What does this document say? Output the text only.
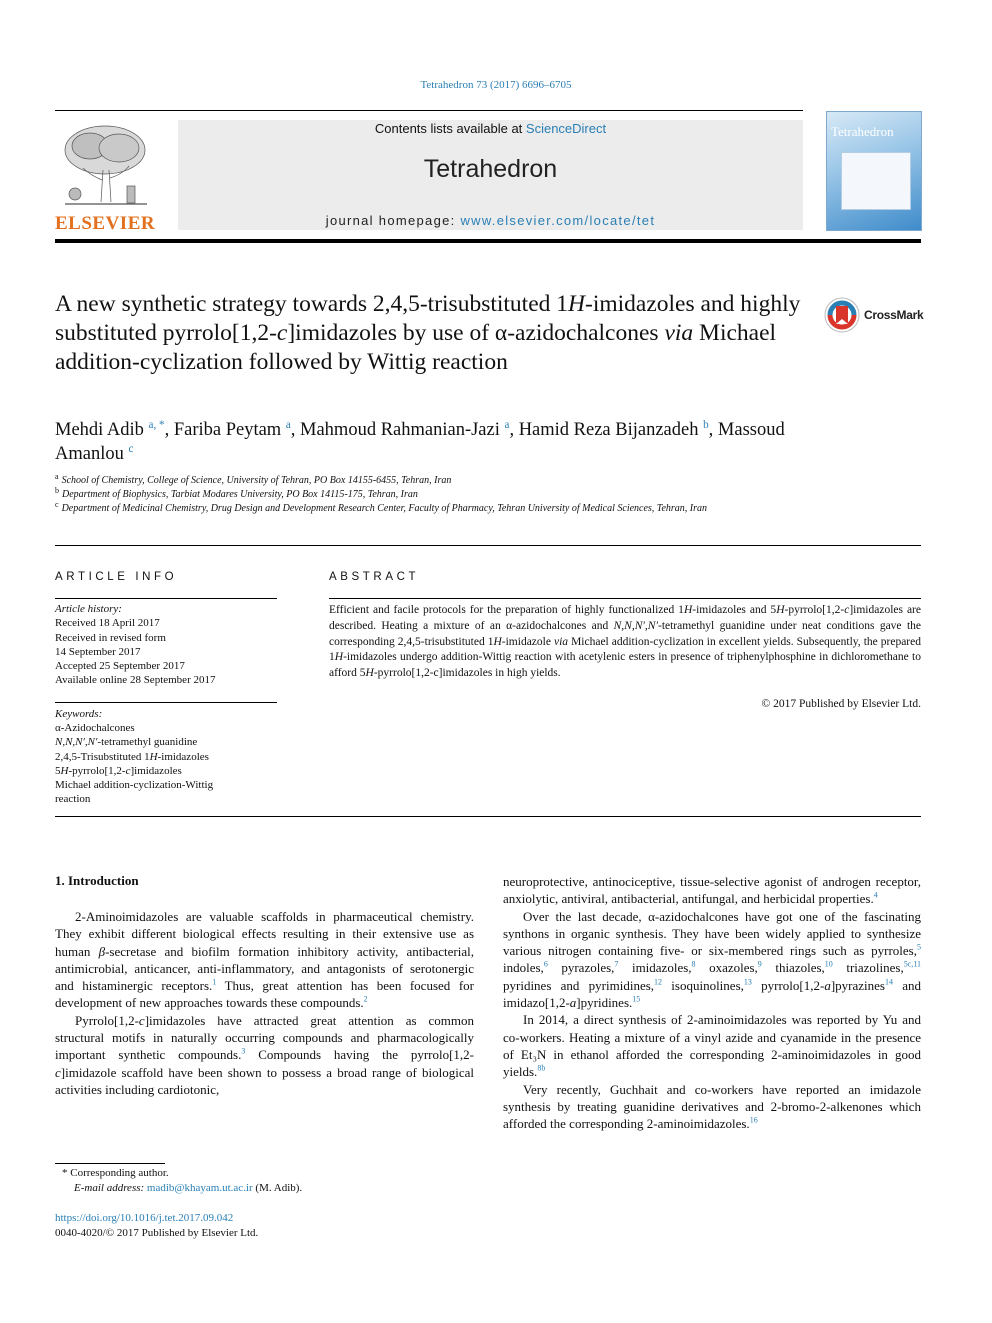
Tetrahedron 73 (2017) 6696–6705
ELSEVIER
Contents lists available at ScienceDirect
Tetrahedron
journal homepage: www.elsevier.com/locate/tet
Tetrahedron
A new synthetic strategy towards 2,4,5-trisubstituted 1H-imidazoles and highly substituted pyrrolo[1,2-c]imidazoles by use of α-azidochalcones via Michael addition-cyclization followed by Wittig reaction
CrossMark
Mehdi Adib $^{a, *}$, Fariba Peytam $^a$, Mahmoud Rahmanian-Jazi $^a$, Hamid Reza Bijanzadeh $^b$, Massoud Amanlou $^c$
$^a$ School of Chemistry, College of Science, University of Tehran, PO Box 14155-6455, Tehran, Iran
$^b$ Department of Biophysics, Tarbiat Modares University, PO Box 14115-175, Tehran, Iran
$^c$ Department of Medicinal Chemistry, Drug Design and Development Research Center, Faculty of Pharmacy, Tehran University of Medical Sciences, Tehran, Iran
ARTICLE INFO	ABSTRACT
Article history:
Received 18 April 2017
Received in revised form
14 September 2017
Accepted 25 September 2017
Available online 28 September 2017
Keywords:
α-Azidochalcones
N,N,N′,N′-tetramethyl guanidine
2,4,5-Trisubstituted 1H-imidazoles
5H-pyrrolo[1,2-c]imidazoles
Michael addition-cyclization-Wittig
reaction
Efficient and facile protocols for the preparation of highly functionalized 1H-imidazoles and 5H-pyrrolo[1,2-c]imidazoles are described. Heating a mixture of an α-azidochalcones and N,N,N′,N′-tetramethyl guanidine under neat conditions gave the corresponding 2,4,5-trisubstituted 1H-imidazole via Michael addition-cyclization in excellent yields. Subsequently, the prepared 1H-imidazoles undergo addition-Wittig reaction with acetylenic esters in presence of triphenylphosphine in dichloromethane to afford 5H-pyrrolo[1,2-c]imidazoles in high yields.
© 2017 Published by Elsevier Ltd.
1. Introduction

2-Aminoimidazoles are valuable scaffolds in pharmaceutical chemistry. They exhibit different biological effects resulting in their extensive use as human β-secretase and biofilm formation inhibitory activity, antibacterial, antimicrobial, anticancer, anti-inflammatory, and antagonists of serotonergic and histaminergic receptors.$^1$ Thus, great attention has been focused for development of new approaches towards these compounds.$^2$

Pyrrolo[1,2-c]imidazoles have attracted great attention as common structural motifs in naturally occurring compounds and pharmacologically important synthetic compounds.$^3$ Compounds having the pyrrolo[1,2-c]imidazole scaffold have been shown to possess a broad range of biological activities including cardiotonic,

neuroprotective, antinociceptive, tissue-selective agonist of androgen receptor, anxiolytic, antiviral, antibacterial, antifungal, and herbicidal properties.$^4$

Over the last decade, α-azidochalcones have got one of the fascinating synthons in organic synthesis. They have been widely applied to synthesize various nitrogen containing five- or six-membered rings such as pyrroles,$^5$ indoles,$^6$ pyrazoles,$^7$ imidazoles,$^8$ oxazoles,$^9$ thiazoles,$^{10}$ triazolines,$^{5c,11}$ pyridines and pyrimidines,$^{12}$ isoquinolines,$^{13}$ pyrrolo[1,2-a]pyrazines$^{14}$ and imidazo[1,2-a]pyridines.$^{15}$

In 2014, a direct synthesis of 2-aminoimidazoles was reported by Yu and co-workers. Heating a mixture of a vinyl azide and cyanamide in the presence of Et₃N in ethanol afforded the corresponding 2-aminoimidazoles in good yields.$^{8b}$

Very recently, Guchhait and co-workers have reported an imidazole synthesis by treating guanidine derivatives and 2-bromo-2-alkenones which afforded the corresponding 2-aminoimidazoles.$^{16}$

* Corresponding author.
E-mail address: madib@khayam.ut.ac.ir (M. Adib).
https://doi.org/10.1016/j.tet.2017.09.042
0040-4020/© 2017 Published by Elsevier Ltd.
